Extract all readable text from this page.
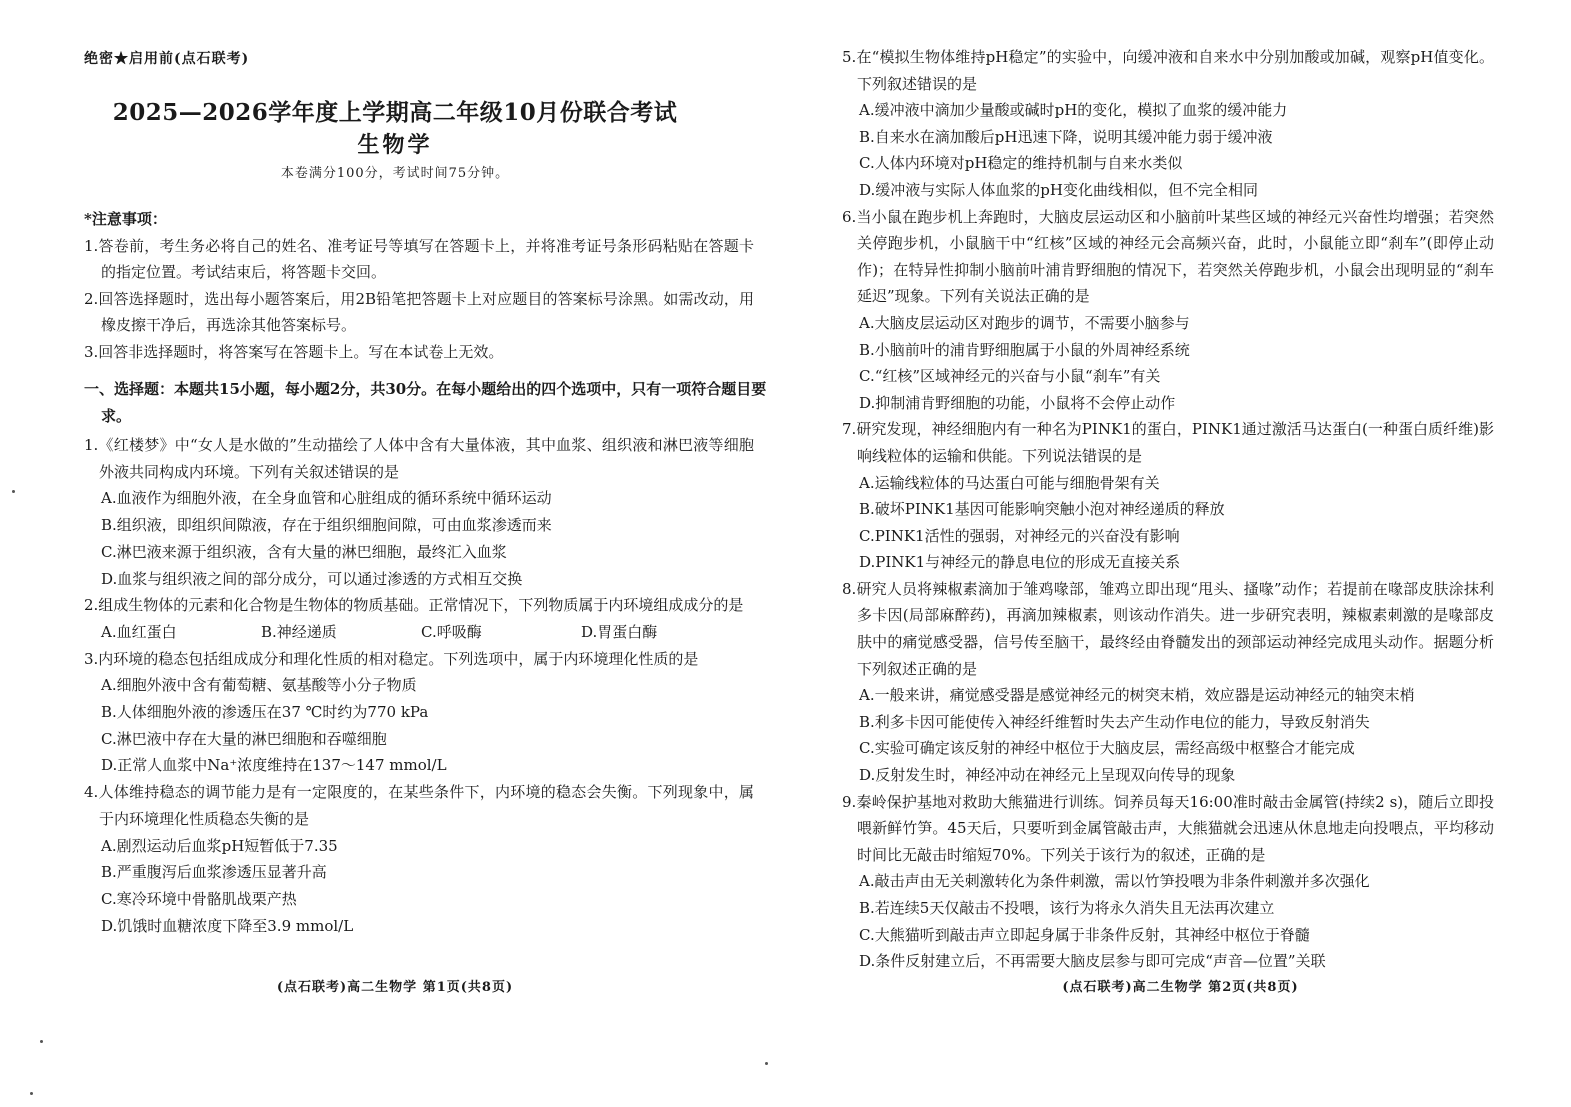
绝密★启用前(点石联考)
2025—2026学年度上学期高二年级10月份联合考试
生物学
本卷满分100分，考试时间75分钟。
*注意事项：
1.答卷前，考生务必将自己的姓名、准考证号等填写在答题卡上，并将准考证号条形码粘贴在答题卡的指定位置。考试结束后，将答题卡交回。
2.回答选择题时，选出每小题答案后，用2B铅笔把答题卡上对应题目的答案标号涂黑。如需改动，用橡皮擦干净后，再选涂其他答案标号。
3.回答非选择题时，将答案写在答题卡上。写在本试卷上无效。
一、选择题：本题共15小题，每小题2分，共30分。在每小题给出的四个选项中，只有一项符合题目要求。
1.《红楼梦》中“女人是水做的”生动描绘了人体中含有大量体液，其中血浆、组织液和淋巴液等细胞外液共同构成内环境。下列有关叙述错误的是
A.血液作为细胞外液，在全身血管和心脏组成的循环系统中循环运动
B.组织液，即组织间隙液，存在于组织细胞间隙，可由血浆渗透而来
C.淋巴液来源于组织液，含有大量的淋巴细胞，最终汇入血浆
D.血浆与组织液之间的部分成分，可以通过渗透的方式相互交换
2.组成生物体的元素和化合物是生物体的物质基础。正常情况下，下列物质属于内环境组成成分的是
A.血红蛋白	B.神经递质	C.呼吸酶	D.胃蛋白酶
3.内环境的稳态包括组成成分和理化性质的相对稳定。下列选项中，属于内环境理化性质的是
A.细胞外液中含有葡萄糖、氨基酸等小分子物质
B.人体细胞外液的渗透压在37 ℃时约为770 kPa
C.淋巴液中存在大量的淋巴细胞和吞噬细胞
D.正常人血浆中Na⁺浓度维持在137～147 mmol/L
4.人体维持稳态的调节能力是有一定限度的，在某些条件下，内环境的稳态会失衡。下列现象中，属于内环境理化性质稳态失衡的是
A.剧烈运动后血浆pH短暂低于7.35
B.严重腹泻后血浆渗透压显著升高
C.寒冷环境中骨骼肌战栗产热
D.饥饿时血糖浓度下降至3.9 mmol/L
(点石联考)高二生物学 第1页(共8页)
5.在“模拟生物体维持pH稳定”的实验中，向缓冲液和自来水中分别加酸或加碱，观察pH值变化。下列叙述错误的是
A.缓冲液中滴加少量酸或碱时pH的变化，模拟了血浆的缓冲能力
B.自来水在滴加酸后pH迅速下降，说明其缓冲能力弱于缓冲液
C.人体内环境对pH稳定的维持机制与自来水类似
D.缓冲液与实际人体血浆的pH变化曲线相似，但不完全相同
6.当小鼠在跑步机上奔跑时，大脑皮层运动区和小脑前叶某些区域的神经元兴奋性均增强；若突然关停跑步机，小鼠脑干中“红核”区域的神经元会高频兴奋，此时，小鼠能立即“刹车”(即停止动作)；在特异性抑制小脑前叶浦肯野细胞的情况下，若突然关停跑步机，小鼠会出现明显的“刹车延迟”现象。下列有关说法正确的是
A.大脑皮层运动区对跑步的调节，不需要小脑参与
B.小脑前叶的浦肯野细胞属于小鼠的外周神经系统
C.“红核”区域神经元的兴奋与小鼠“刹车”有关
D.抑制浦肯野细胞的功能，小鼠将不会停止动作
7.研究发现，神经细胞内有一种名为PINK1的蛋白，PINK1通过激活马达蛋白(一种蛋白质纤维)影响线粒体的运输和供能。下列说法错误的是
A.运输线粒体的马达蛋白可能与细胞骨架有关
B.破坏PINK1基因可能影响突触小泡对神经递质的释放
C.PINK1活性的强弱，对神经元的兴奋没有影响
D.PINK1与神经元的静息电位的形成无直接关系
8.研究人员将辣椒素滴加于雏鸡喙部，雏鸡立即出现“甩头、搔喙”动作；若提前在喙部皮肤涂抹利多卡因(局部麻醉药)，再滴加辣椒素，则该动作消失。进一步研究表明，辣椒素刺激的是喙部皮肤中的痛觉感受器，信号传至脑干，最终经由脊髓发出的颈部运动神经完成甩头动作。据题分析下列叙述正确的是
A.一般来讲，痛觉感受器是感觉神经元的树突末梢，效应器是运动神经元的轴突末梢
B.利多卡因可能使传入神经纤维暂时失去产生动作电位的能力，导致反射消失
C.实验可确定该反射的神经中枢位于大脑皮层，需经高级中枢整合才能完成
D.反射发生时，神经冲动在神经元上呈现双向传导的现象
9.秦岭保护基地对救助大熊猫进行训练。饲养员每天16:00准时敲击金属管(持续2 s)，随后立即投喂新鲜竹笋。45天后，只要听到金属管敲击声，大熊猫就会迅速从休息地走向投喂点，平均移动时间比无敲击时缩短70%。下列关于该行为的叙述，正确的是
A.敲击声由无关刺激转化为条件刺激，需以竹笋投喂为非条件刺激并多次强化
B.若连续5天仅敲击不投喂，该行为将永久消失且无法再次建立
C.大熊猫听到敲击声立即起身属于非条件反射，其神经中枢位于脊髓
D.条件反射建立后，不再需要大脑皮层参与即可完成“声音—位置”关联
(点石联考)高二生物学 第2页(共8页)
